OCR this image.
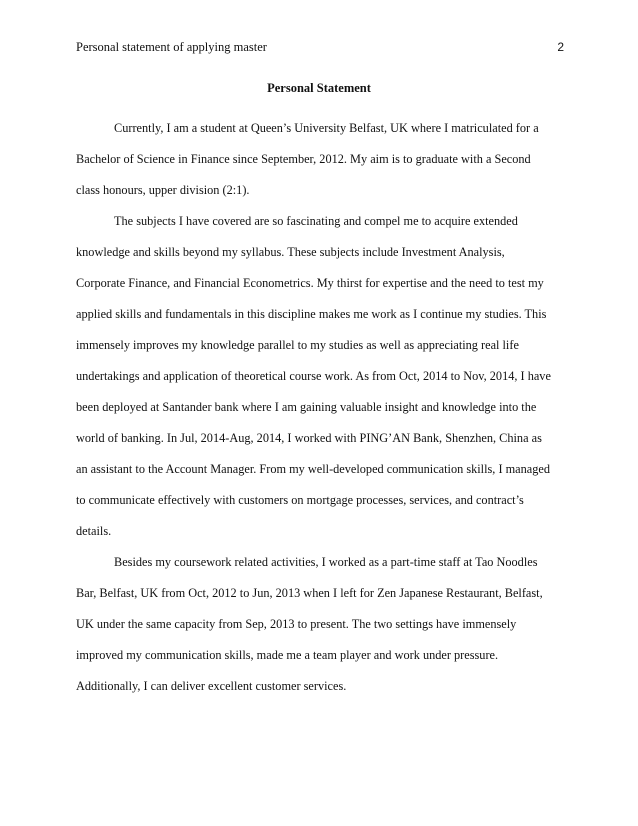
Personal statement of applying master	2
Personal Statement
Currently, I am a student at Queen’s University Belfast, UK where I matriculated for a
Bachelor of Science in Finance since September, 2012. My aim is to graduate with a Second
class honours, upper division (2:1).
The subjects I have covered are so fascinating and compel me to acquire extended
knowledge and skills beyond my syllabus. These subjects include Investment Analysis,
Corporate Finance, and Financial Econometrics. My thirst for expertise and the need to test my
applied skills and fundamentals in this discipline makes me work as I continue my studies. This
immensely improves my knowledge parallel to my studies as well as appreciating real life
undertakings and application of theoretical course work. As from Oct, 2014 to Nov, 2014, I have
been deployed at Santander bank where I am gaining valuable insight and knowledge into the
world of banking. In Jul, 2014-Aug, 2014, I worked with PING’AN Bank, Shenzhen, China as
an assistant to the Account Manager. From my well-developed communication skills, I managed
to communicate effectively with customers on mortgage processes, services, and contract’s
details.
Besides my coursework related activities, I worked as a part-time staff at Tao Noodles
Bar, Belfast, UK from Oct, 2012 to Jun, 2013 when I left for Zen Japanese Restaurant, Belfast,
UK under the same capacity from Sep, 2013 to present. The two settings have immensely
improved my communication skills, made me a team player and work under pressure.
Additionally, I can deliver excellent customer services.
